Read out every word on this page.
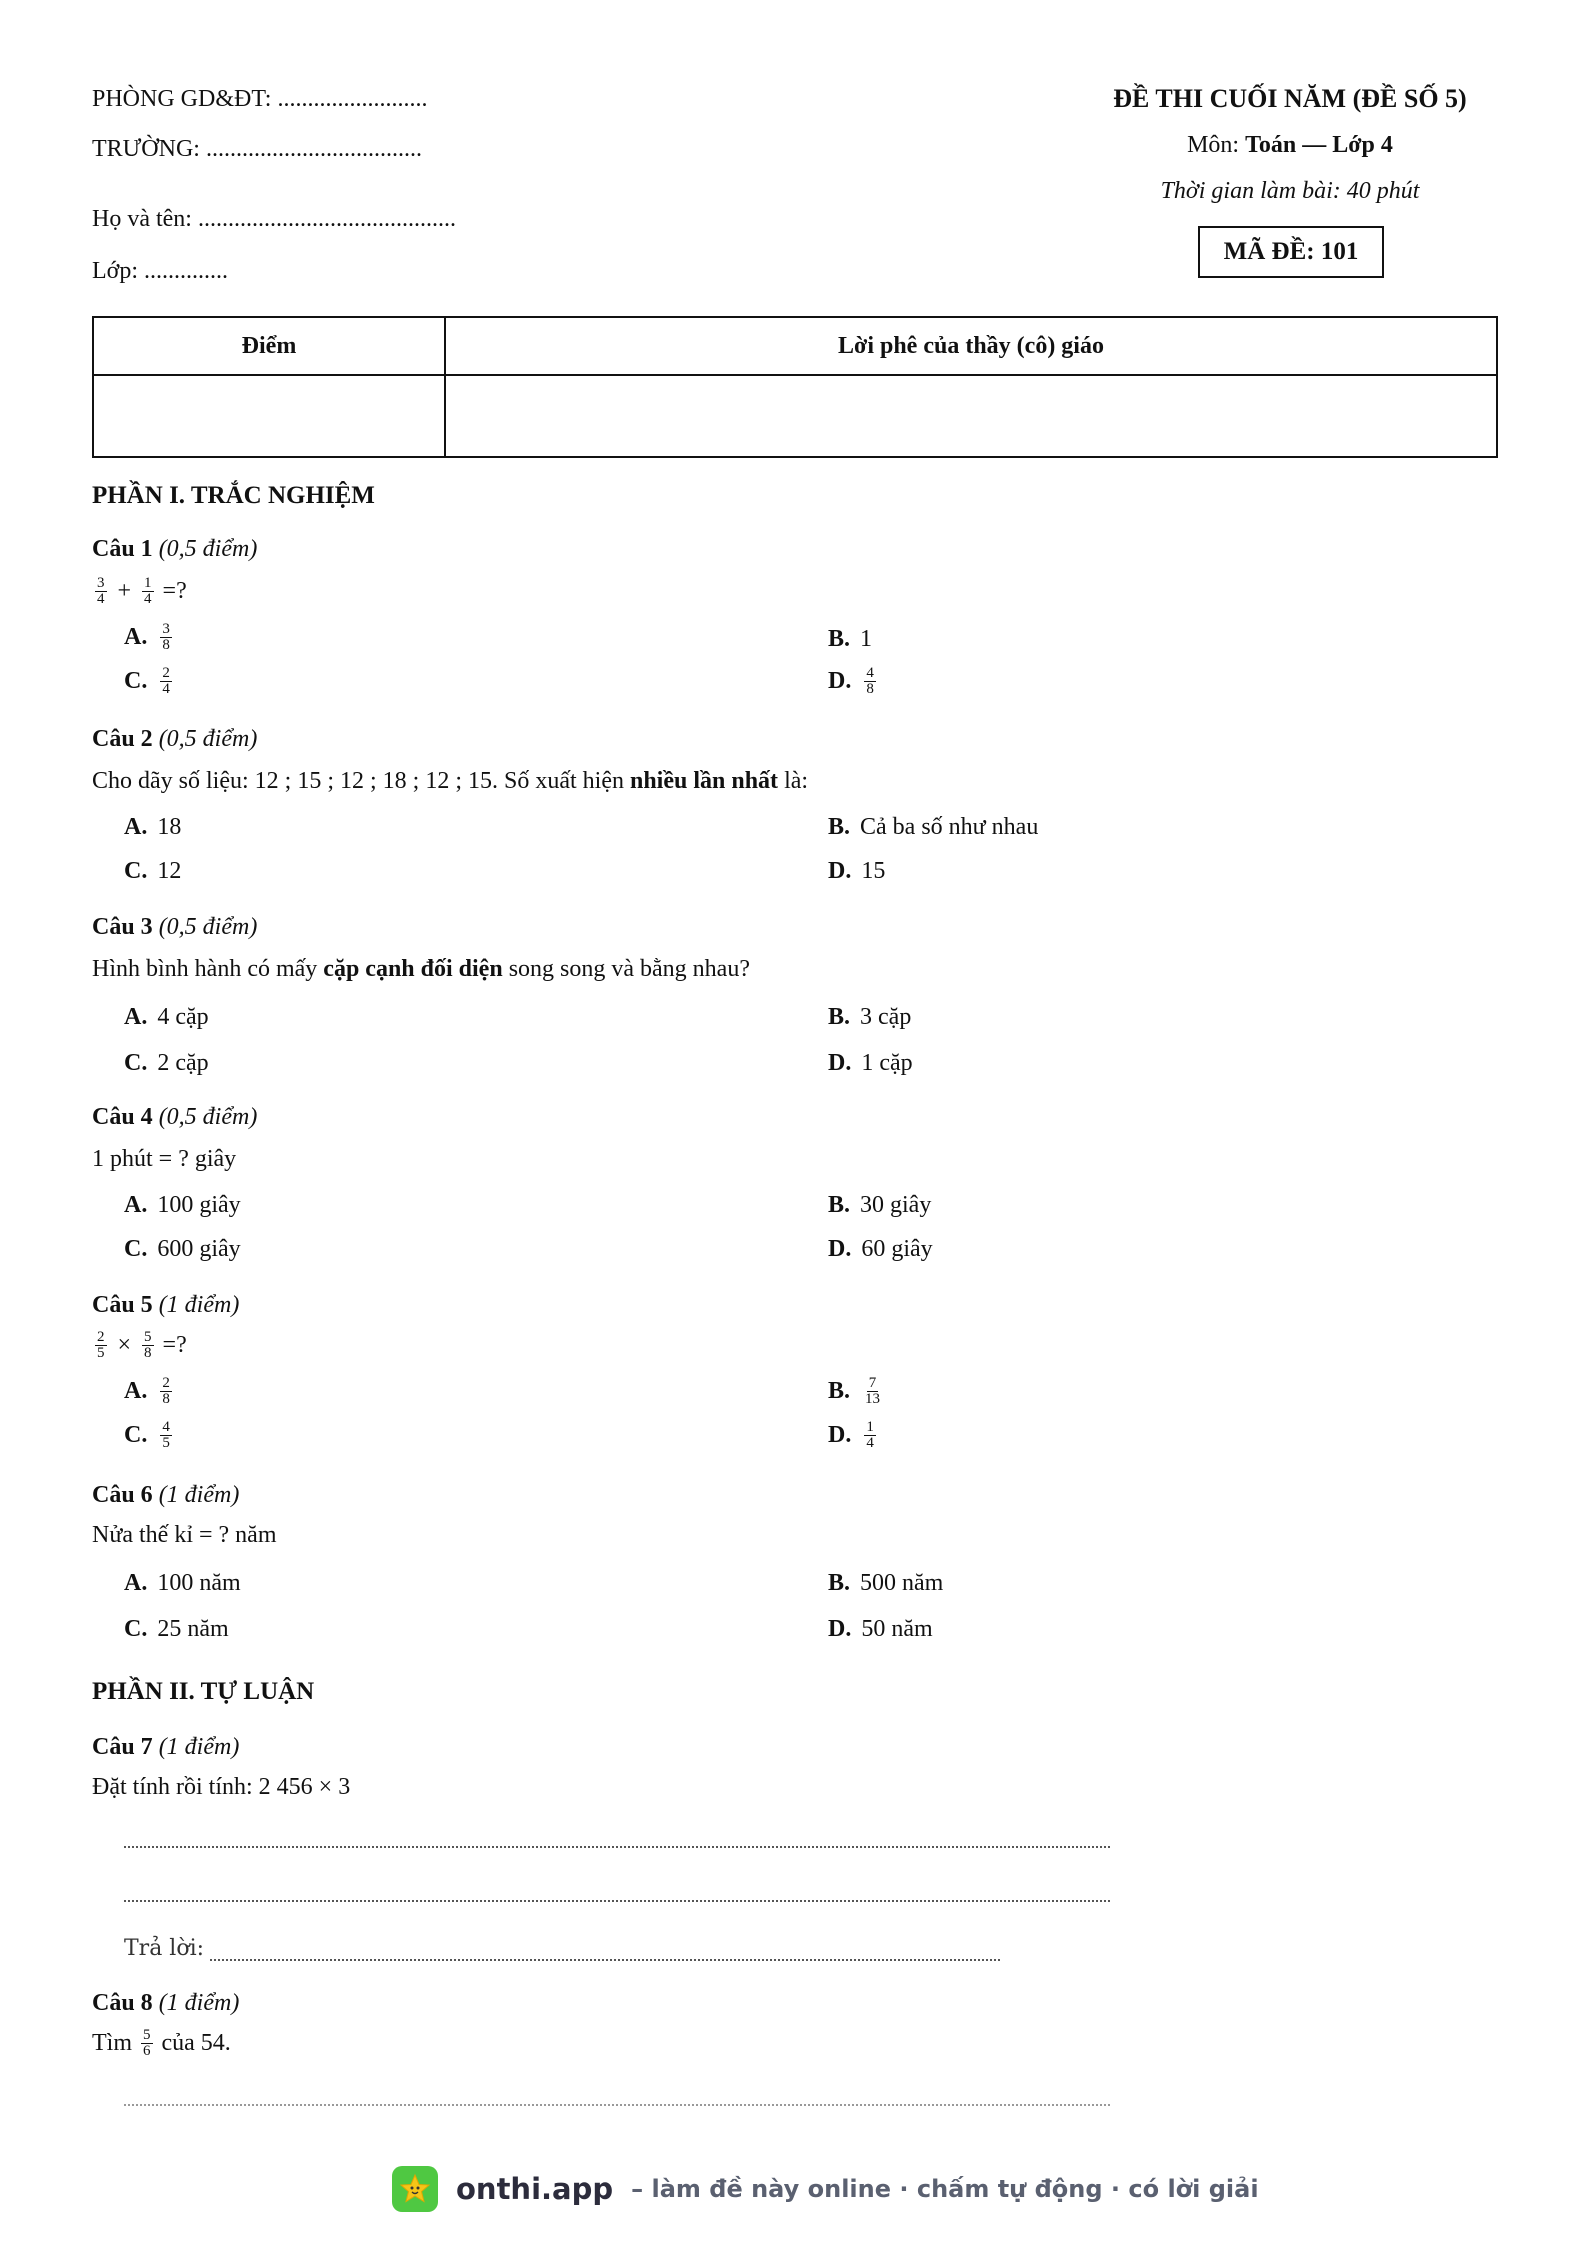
PHÒNG GD&ĐT: .........................
TRƯỜNG: ....................................
Họ và tên: ...........................................
Lớp: ..............
ĐỀ THI CUỐI NĂM (ĐỀ SỐ 5)
Môn: Toán — Lớp 4
Thời gian làm bài: 40 phút
MÃ ĐỀ: 101
Điểm	Lời phê của thầy (cô) giáo

PHẦN I. TRẮC NGHIỆM
Câu 1 (0,5 điểm)
$\frac{3}{4} + \frac{1}{4}$ =?
A. $\frac{3}{8}$	B. 1
C. $\frac{2}{4}$	D. $\frac{4}{8}$
Câu 2 (0,5 điểm)
Cho dãy số liệu: 12 ; 15 ; 12 ; 18 ; 12 ; 15. Số xuất hiện nhiều lần nhất là:
A. 18	B. Cả ba số như nhau
C. 12	D. 15
Câu 3 (0,5 điểm)
Hình bình hành có mấy cặp cạnh đối diện song song và bằng nhau?
A. 4 cặp	B. 3 cặp
C. 2 cặp	D. 1 cặp
Câu 4 (0,5 điểm)
1 phút = ? giây
A. 100 giây	B. 30 giây
C. 600 giây	D. 60 giây
Câu 5 (1 điểm)
$\frac{2}{5} \times \frac{5}{8}$ =?
A. $\frac{2}{8}$	B. $\frac{7}{13}$
C. $\frac{4}{5}$	D. $\frac{1}{4}$
Câu 6 (1 điểm)
Nửa thế kỉ = ? năm
A. 100 năm	B. 500 năm
C. 25 năm	D. 50 năm
PHẦN II. TỰ LUẬN
Câu 7 (1 điểm)
Đặt tính rồi tính: 2 456 × 3
Trả lời:
Câu 8 (1 điểm)
Tìm $\frac{5}{6}$ của 54.
onthi.app – làm đề này online · chấm tự động · có lời giải
